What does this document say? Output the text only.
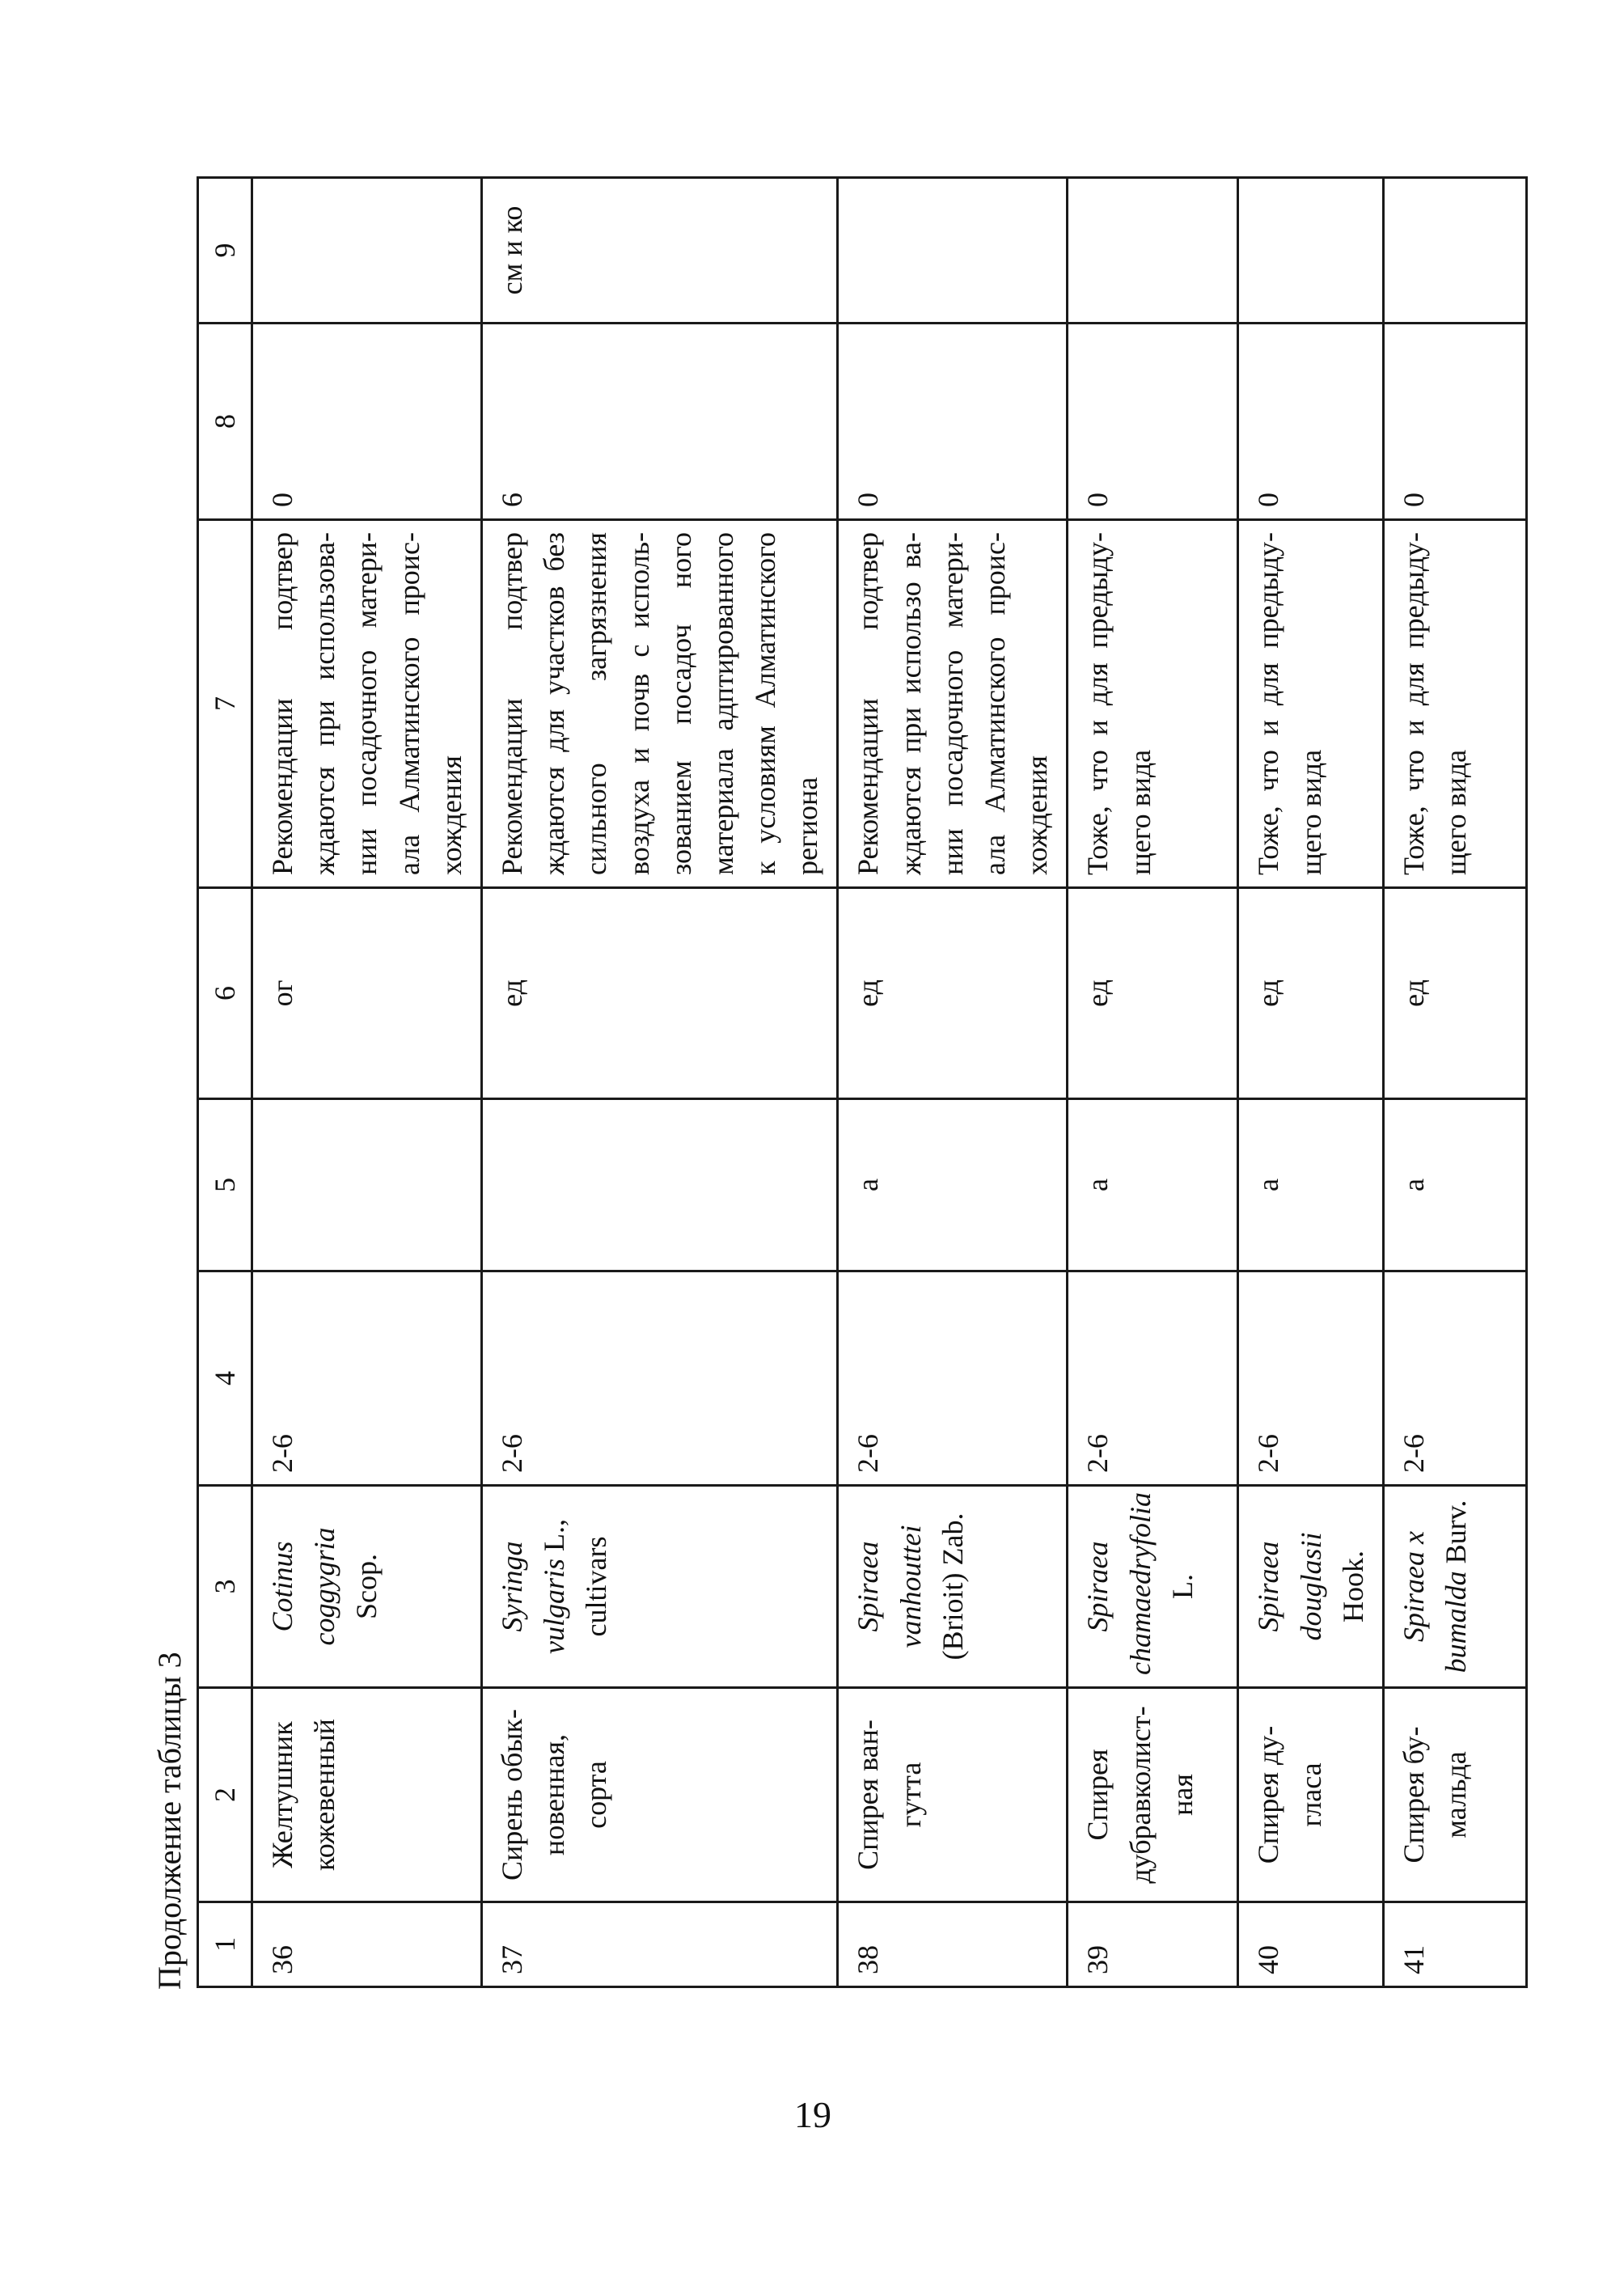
Продолжение таблицы 3 1	2	3	4	5	6	7	8	9
36	Желтушник кожевенный	Cotinus coggygria Scop.	2-6		ог	Рекомендации подтвер ждаются при использова-нии посадочного матери-ала Алматинского проис-хождения	0	
37	Сирень обык-новенная, сорта	Syringa vulgaris L., cultivars	2-6		ед	Рекомендации подтвер ждаются для участков без сильного загрязнения воздуха и почв с исполь-зованием посадоч ного материала адптированного к условиям Алматинского региона	6	см и ко
38	Спирея ван-гутта	Spiraea vanhouttei (Brioit) Zab.	2-6	а	ед	Рекомендации подтвер ждаются при использо ва-нии посадочного матери-ала Алматинского проис-хождения	0	
39	Спирея дубравколист-ная	Spiraea chamaedryfolia L.	2-6	а	ед	Тоже, что и для предыду-щего вида	0	
40	Спирея ду-гласа	Spiraea douglasii Hook.	2-6	а	ед	Тоже, что и для предыду-щего вида	0	
41	Спирея бу-мальда	Spiraea x bumalda Burv.	2-6	а	ед	Тоже, что и для предыду-щего вида	0	
19
